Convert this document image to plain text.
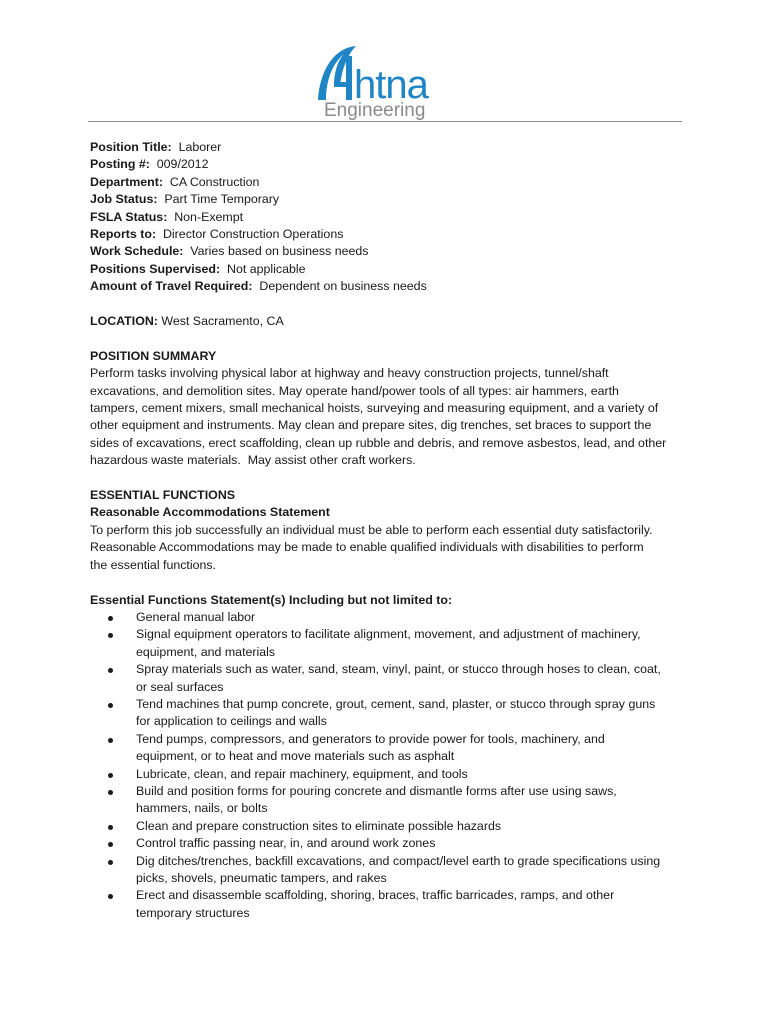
htna
Engineering
Position Title:  Laborer
Posting #:  009/2012
Department:  CA Construction
Job Status:  Part Time Temporary
FSLA Status:  Non-Exempt
Reports to:  Director Construction Operations
Work Schedule:  Varies based on business needs
Positions Supervised:  Not applicable
Amount of Travel Required:  Dependent on business needs
LOCATION: West Sacramento, CA
POSITION SUMMARY
Perform tasks involving physical labor at highway and heavy construction projects, tunnel/shaft
excavations, and demolition sites. May operate hand/power tools of all types: air hammers, earth
tampers, cement mixers, small mechanical hoists, surveying and measuring equipment, and a variety of
other equipment and instruments. May clean and prepare sites, dig trenches, set braces to support the
sides of excavations, erect scaffolding, clean up rubble and debris, and remove asbestos, lead, and other
hazardous waste materials.  May assist other craft workers.
ESSENTIAL FUNCTIONS
Reasonable Accommodations Statement
To perform this job successfully an individual must be able to perform each essential duty satisfactorily.
Reasonable Accommodations may be made to enable qualified individuals with disabilities to perform
the essential functions.
Essential Functions Statement(s) Including but not limited to:
General manual labor
Signal equipment operators to facilitate alignment, movement, and adjustment of machinery,
equipment, and materials
Spray materials such as water, sand, steam, vinyl, paint, or stucco through hoses to clean, coat,
or seal surfaces
Tend machines that pump concrete, grout, cement, sand, plaster, or stucco through spray guns
for application to ceilings and walls
Tend pumps, compressors, and generators to provide power for tools, machinery, and
equipment, or to heat and move materials such as asphalt
Lubricate, clean, and repair machinery, equipment, and tools
Build and position forms for pouring concrete and dismantle forms after use using saws,
hammers, nails, or bolts
Clean and prepare construction sites to eliminate possible hazards
Control traffic passing near, in, and around work zones
Dig ditches/trenches, backfill excavations, and compact/level earth to grade specifications using
picks, shovels, pneumatic tampers, and rakes
Erect and disassemble scaffolding, shoring, braces, traffic barricades, ramps, and other
temporary structures
